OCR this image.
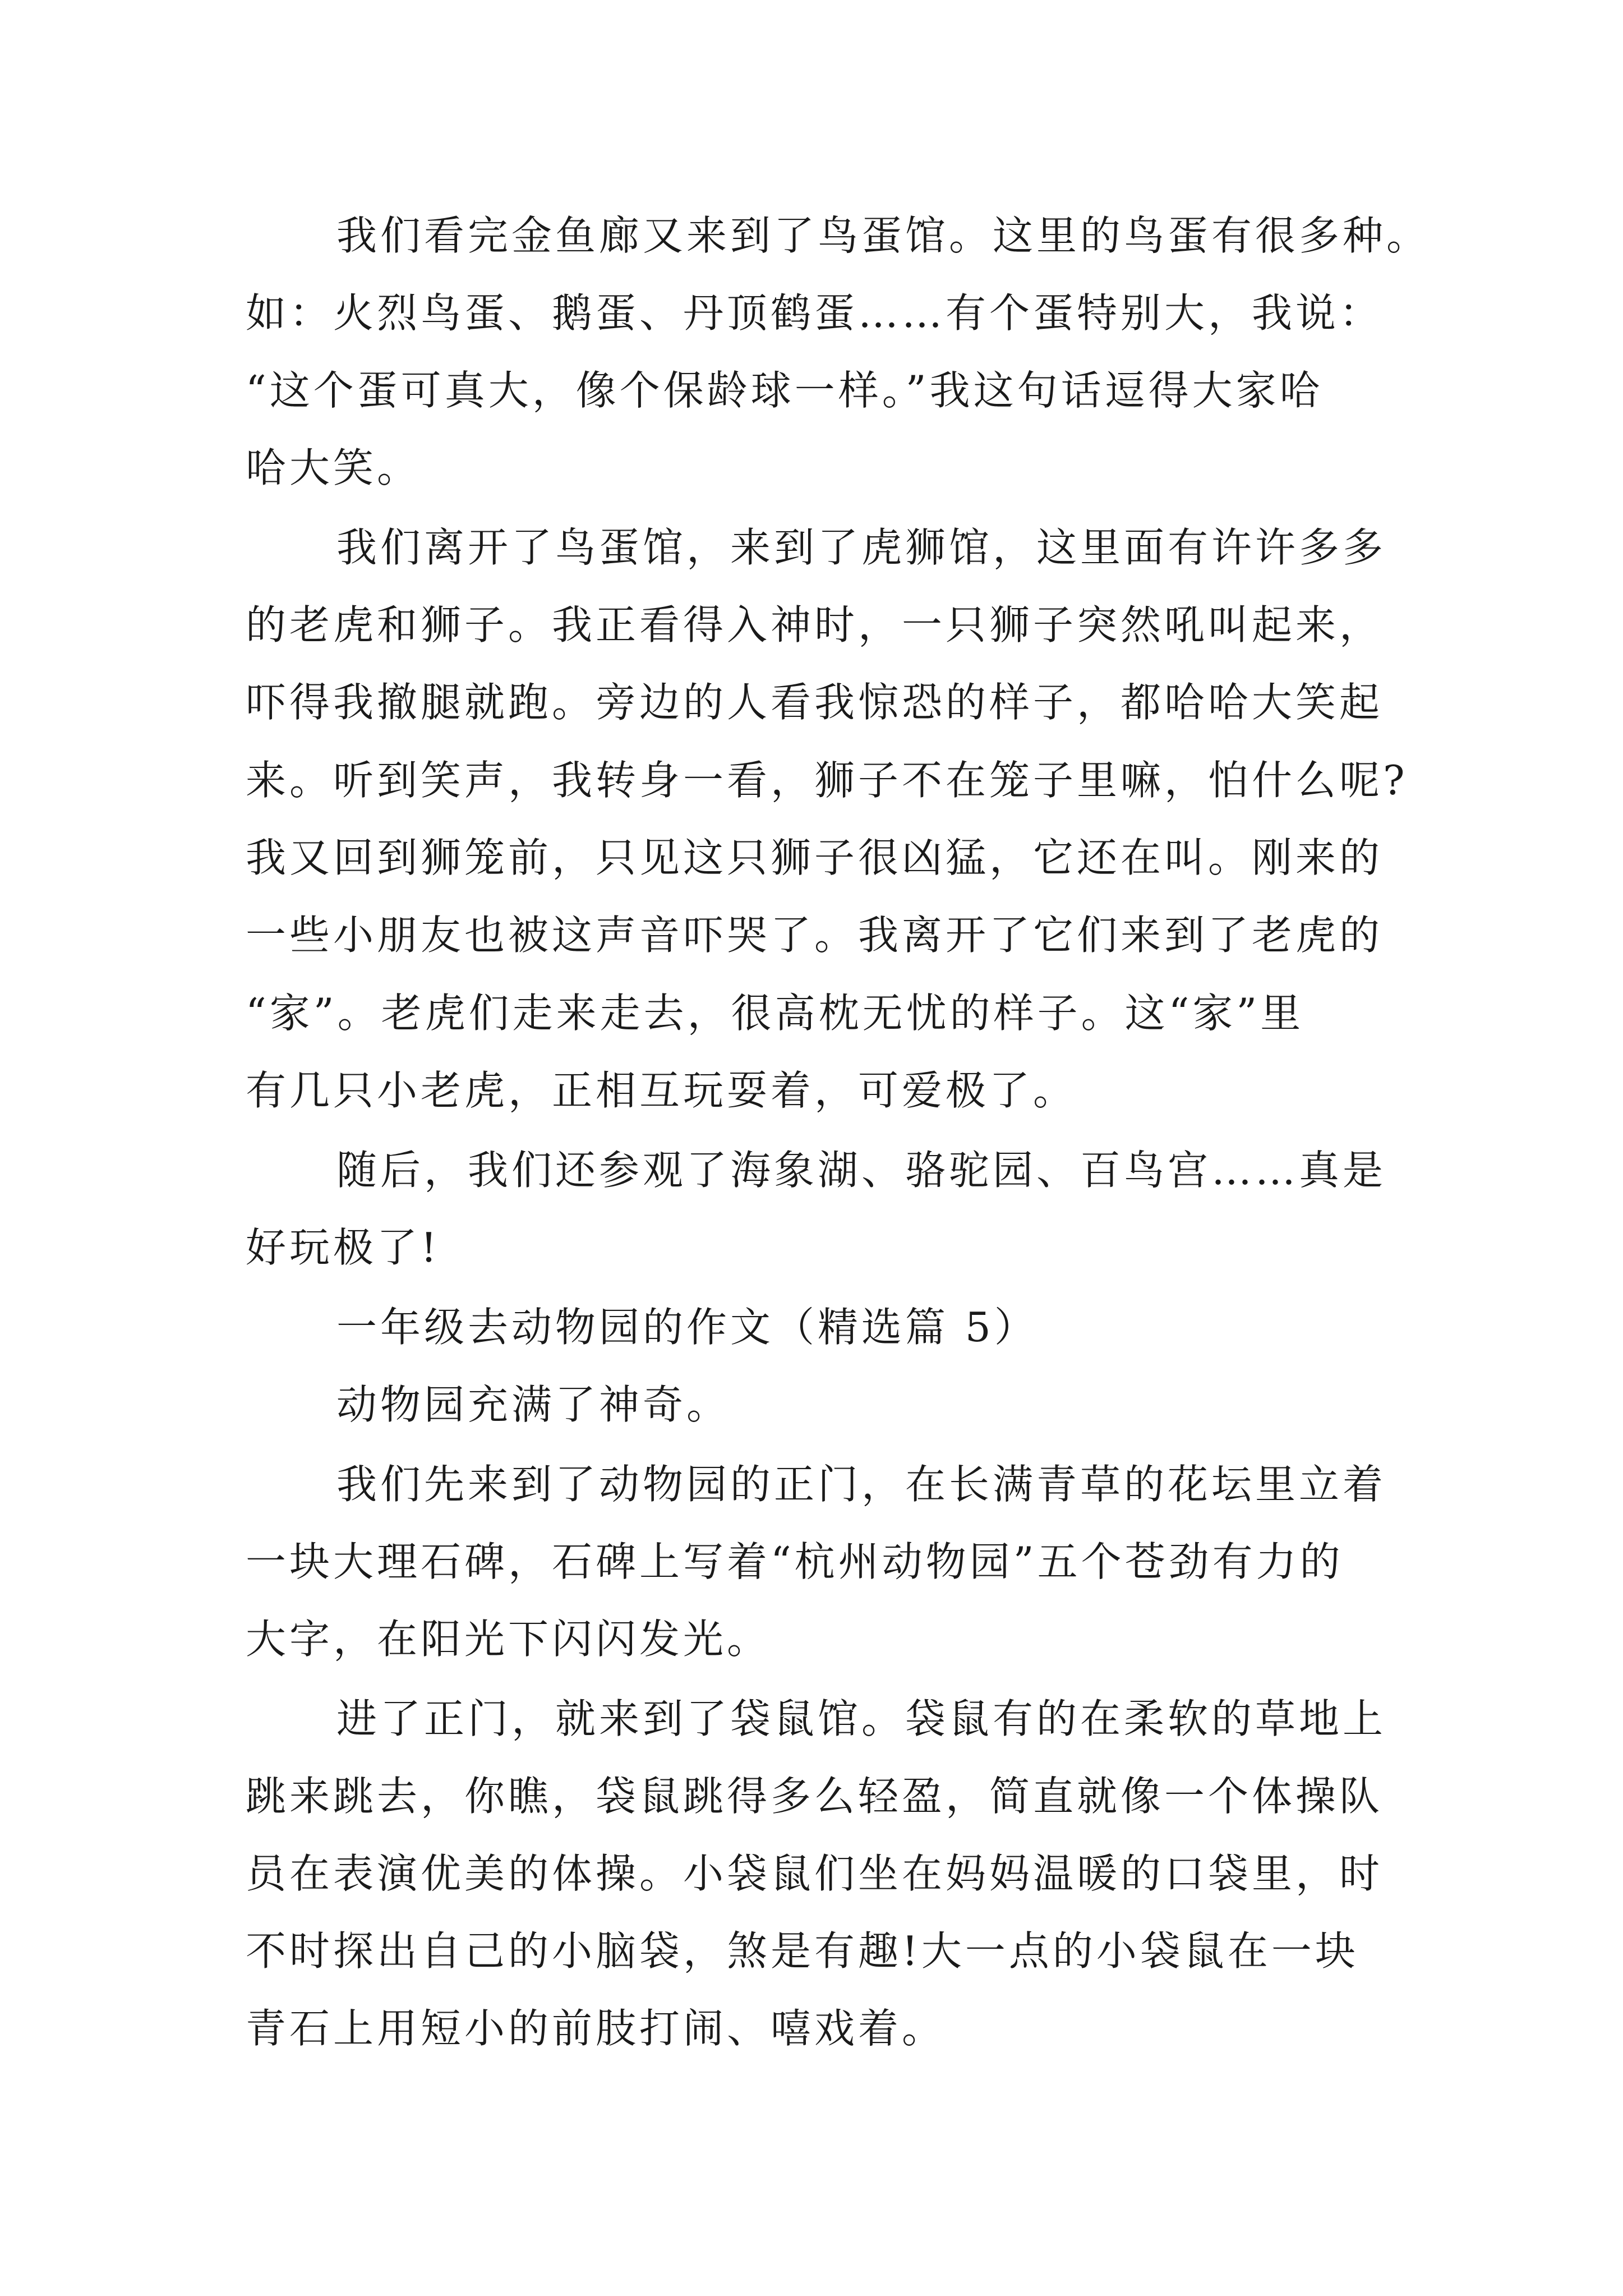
我们看完金鱼廊又来到了鸟蛋馆。这里的鸟蛋有很多种。
如：火烈鸟蛋、鹅蛋、丹顶鹤蛋……有个蛋特别大，我说：
“这个蛋可真大，像个保龄球一样。”我这句话逗得大家哈
哈大笑。
我们离开了鸟蛋馆，来到了虎狮馆，这里面有许许多多
的老虎和狮子。我正看得入神时，一只狮子突然吼叫起来，
吓得我撤腿就跑。旁边的人看我惊恐的样子，都哈哈大笑起
来。听到笑声，我转身一看，狮子不在笼子里嘛，怕什么呢?
我又回到狮笼前，只见这只狮子很凶猛，它还在叫。刚来的
一些小朋友也被这声音吓哭了。我离开了它们来到了老虎的
“家”。老虎们走来走去，很高枕无忧的样子。这“家”里
有几只小老虎，正相互玩耍着，可爱极了。
随后，我们还参观了海象湖、骆驼园、百鸟宫……真是
好玩极了!
一年级去动物园的作文（精选篇 5）
动物园充满了神奇。
我们先来到了动物园的正门，在长满青草的花坛里立着
一块大理石碑，石碑上写着“杭州动物园”五个苍劲有力的
大字，在阳光下闪闪发光。
进了正门，就来到了袋鼠馆。袋鼠有的在柔软的草地上
跳来跳去，你瞧，袋鼠跳得多么轻盈，简直就像一个体操队
员在表演优美的体操。小袋鼠们坐在妈妈温暖的口袋里，时
不时探出自己的小脑袋，煞是有趣!大一点的小袋鼠在一块
青石上用短小的前肢打闹、嘻戏着。
